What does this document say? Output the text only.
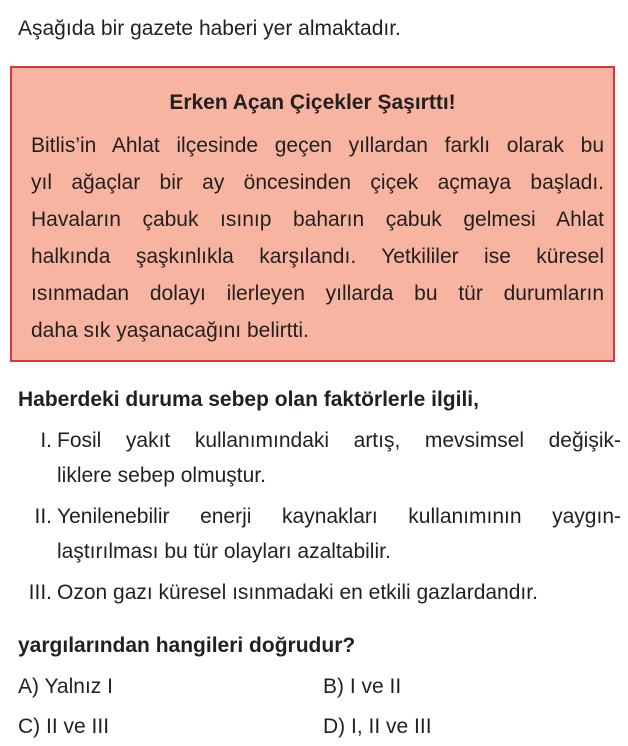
Aşağıda bir gazete haberi yer almaktadır.
Erken Açan Çiçekler Şaşırttı!
Bitlis’in Ahlat ilçesinde geçen yıllardan farklı olarak bu
yıl ağaçlar bir ay öncesinden çiçek açmaya başladı.
Havaların çabuk ısınıp baharın çabuk gelmesi Ahlat
halkında şaşkınlıkla karşılandı. Yetkililer ise küresel
ısınmadan dolayı ilerleyen yıllarda bu tür durumların
daha sık yaşanacağını belirtti.
Haberdeki duruma sebep olan faktörlerle ilgili,
I. Fosil yakıt kullanımındaki artış, mevsimsel değişik-
liklere sebep olmuştur.
II. Yenilenebilir enerji kaynakları kullanımının yaygın-
laştırılması bu tür olayları azaltabilir.
III. Ozon gazı küresel ısınmadaki en etkili gazlardandır.
yargılarından hangileri doğrudur?
A) Yalnız I	B) I ve II
C) II ve III	D) I, II ve III
